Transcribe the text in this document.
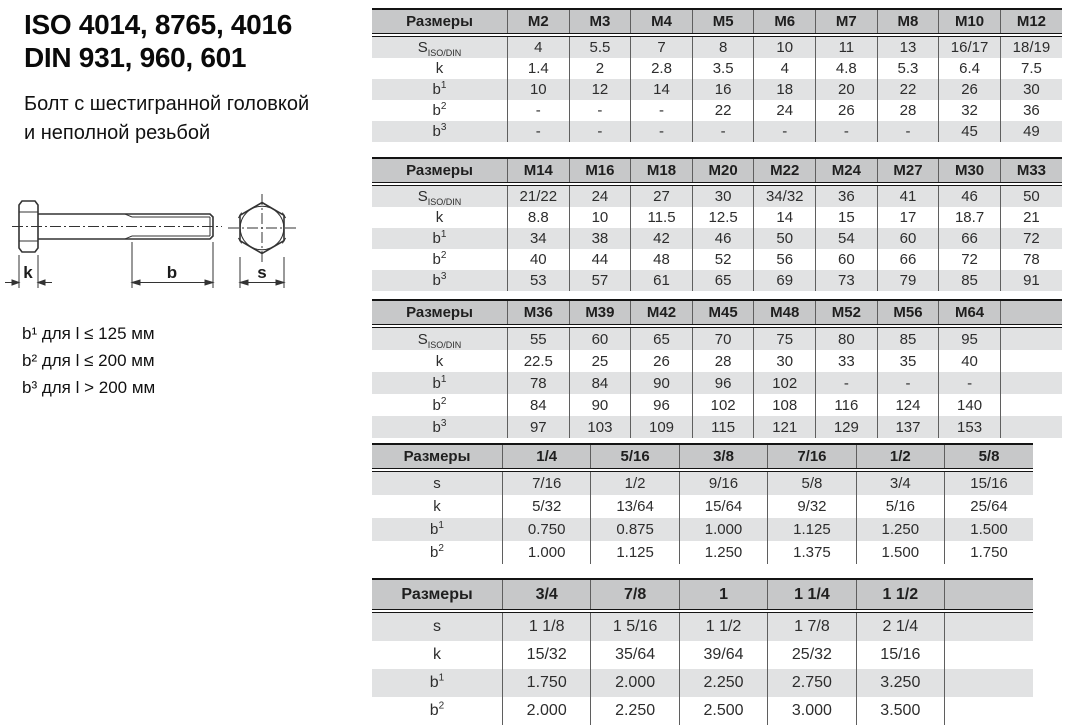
ISO 4014, 8765, 4016
DIN 931, 960, 601
Болт с шестигранной головкой
и неполной резьбой
k	b	s
b¹ для l ≤ 125 мм
b² для l ≤ 200 мм
b³ для l > 200 мм
Размеры	M2	M3	M4	M5	M6	M7	M8	M10	M12
$S_{ISO/DIN}$	4	5.5	7	8	10	11	13	16/17	18/19
k	1.4	2	2.8	3.5	4	4.8	5.3	6.4	7.5
$b^1$	10	12	14	16	18	20	22	26	30
$b^2$	-	-	-	22	24	26	28	32	36
$b^3$	-	-	-	-	-	-	-	45	49
Размеры	M14	M16	M18	M20	M22	M24	M27	M30	M33
$S_{ISO/DIN}$	21/22	24	27	30	34/32	36	41	46	50
k	8.8	10	11.5	12.5	14	15	17	18.7	21
$b^1$	34	38	42	46	50	54	60	66	72
$b^2$	40	44	48	52	56	60	66	72	78
$b^3$	53	57	61	65	69	73	79	85	91
Размеры	M36	M39	M42	M45	M48	M52	M56	M64	
$S_{ISO/DIN}$	55	60	65	70	75	80	85	95	
k	22.5	25	26	28	30	33	35	40	
$b^1$	78	84	90	96	102	-	-	-	
$b^2$	84	90	96	102	108	116	124	140	
$b^3$	97	103	109	115	121	129	137	153	
Размеры	1/4	5/16	3/8	7/16	1/2	5/8
s	7/16	1/2	9/16	5/8	3/4	15/16
k	5/32	13/64	15/64	9/32	5/16	25/64
$b^1$	0.750	0.875	1.000	1.125	1.250	1.500
$b^2$	1.000	1.125	1.250	1.375	1.500	1.750
Размеры	3/4	7/8	1	1 1/4	1 1/2	
s	1 1/8	1 5/16	1 1/2	1 7/8	2 1/4	
k	15/32	35/64	39/64	25/32	15/16	
$b^1$	1.750	2.000	2.250	2.750	3.250	
$b^2$	2.000	2.250	2.500	3.000	3.500	
